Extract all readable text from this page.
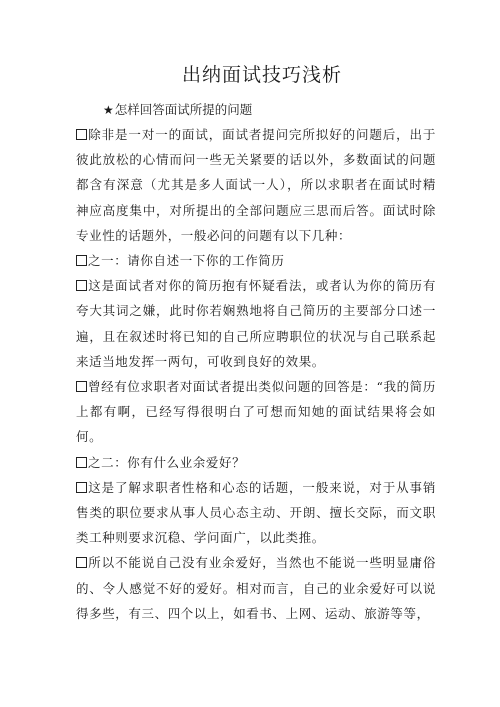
出纳面试技巧浅析
★怎样回答面试所提的问题

除非是一对一的面试，面试者提问完所拟好的问题后，出于彼此放松的心情而问一些无关紧要的话以外，多数面试的问题都含有深意（尤其是多人面试一人），所以求职者在面试时精神应高度集中，对所提出的全部问题应三思而后答。面试时除专业性的话题外，一般必问的问题有以下几种：

之一：请你自述一下你的工作简历

这是面试者对你的简历抱有怀疑看法，或者认为你的简历有夸大其词之嫌，此时你若娴熟地将自己简历的主要部分口述一遍，且在叙述时将已知的自己所应聘职位的状况与自己联系起来适当地发挥一两句，可收到良好的效果。

曾经有位求职者对面试者提出类似问题的回答是：“我的简历上都有啊，已经写得很明白了可想而知她的面试结果将会如何。

之二：你有什么业余爱好？

这是了解求职者性格和心态的话题，一般来说，对于从事销售类的职位要求从事人员心态主动、开朗、擅长交际，而文职类工种则要求沉稳、学问面广，以此类推。

所以不能说自己没有业余爱好，当然也不能说一些明显庸俗的、令人感觉不好的爱好。相对而言，自己的业余爱好可以说得多些，有三、四个以上，如看书、上网、运动、旅游等等，
